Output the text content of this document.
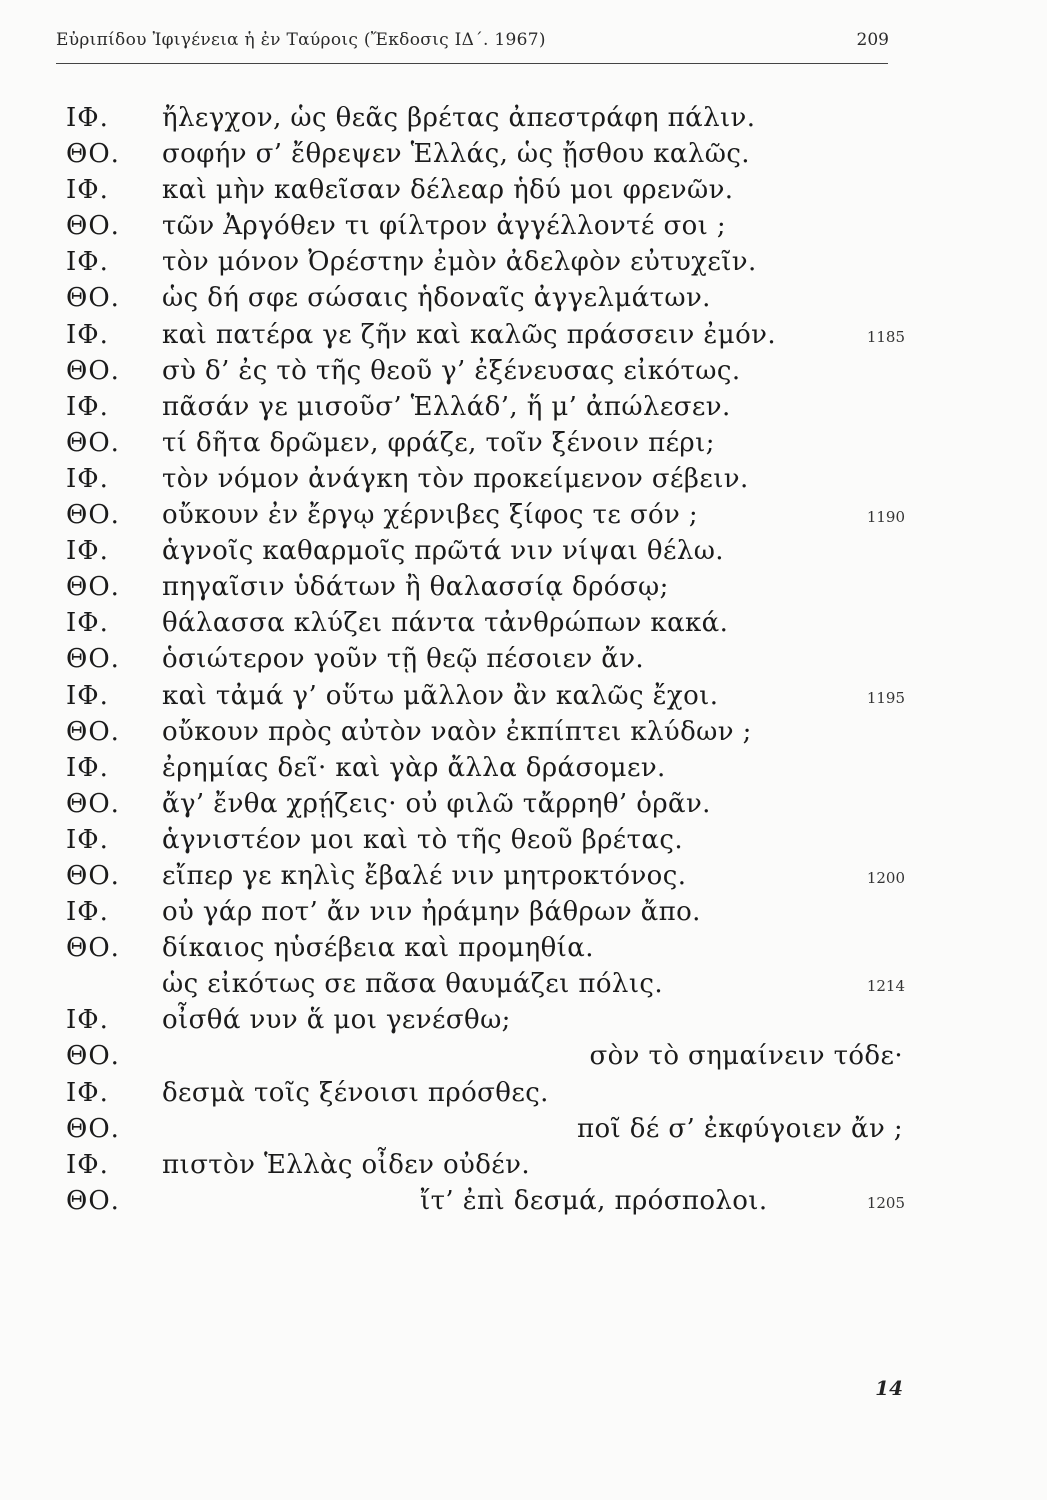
Εὐριπίδου Ἰφιγένεια ἡ ἐν Ταύροις (Ἔκδοσις ΙΔ΄. 1967)	209
ΙΦ. ἤλεγχον, ὡς θεᾶς βρέτας ἀπεστράφη πάλιν.
ΘΟ. σοφήν σ’ ἔθρεψεν Ἑλλάς, ὡς ᾔσθου καλῶς.
ΙΦ. καὶ μὴν καθεῖσαν δέλεαρ ἡδύ μοι φρενῶν.
ΘΟ. τῶν Ἀργόθεν τι φίλτρον ἀγγέλλοντέ σοι ;
ΙΦ. τὸν μόνον Ὀρέστην ἐμὸν ἀδελφὸν εὐτυχεῖν.
ΘΟ. ὡς δή σφε σώσαις ἡδοναῖς ἀγγελμάτων.
ΙΦ. καὶ πατέρα γε ζῆν καὶ καλῶς πράσσειν ἐμόν.	1185
ΘΟ. σὺ δ’ ἐς τὸ τῆς θεοῦ γ’ ἐξένευσας εἰκότως.
ΙΦ. πᾶσάν γε μισοῦσ’ Ἑλλάδ’, ἥ μ’ ἀπώλεσεν.
ΘΟ. τί δῆτα δρῶμεν, φράζε, τοῖν ξένοιν πέρι;
ΙΦ. τὸν νόμον ἀνάγκη τὸν προκείμενον σέβειν.
ΘΟ. οὔκουν ἐν ἔργῳ χέρνιβες ξίφος τε σόν ;	1190
ΙΦ. ἁγνοῖς καθαρμοῖς πρῶτά νιν νίψαι θέλω.
ΘΟ. πηγαῖσιν ὑδάτων ἢ θαλασσίᾳ δρόσῳ;
ΙΦ. θάλασσα κλύζει πάντα τἀνθρώπων κακά.
ΘΟ. ὁσιώτερον γοῦν τῇ θεῷ πέσοιεν ἄν.
ΙΦ. καὶ τἀμά γ’ οὕτω μᾶλλον ἂν καλῶς ἔχοι.	1195
ΘΟ. οὔκουν πρὸς αὐτὸν ναὸν ἐκπίπτει κλύδων ;
ΙΦ. ἐρημίας δεῖ· καὶ γὰρ ἄλλα δράσομεν.
ΘΟ. ἄγ’ ἔνθα χρῄζεις· οὐ φιλῶ τἄρρηθ’ ὁρᾶν.
ΙΦ. ἁγνιστέον μοι καὶ τὸ τῆς θεοῦ βρέτας.
ΘΟ. εἴπερ γε κηλὶς ἔβαλέ νιν μητροκτόνος.	1200
ΙΦ. οὐ γάρ ποτ’ ἄν νιν ἠράμην βάθρων ἄπο.
ΘΟ. δίκαιος ηὑσέβεια καὶ προμηθία.
ὡς εἰκότως σε πᾶσα θαυμάζει πόλις.	1214
ΙΦ. οἶσθά νυν ἅ μοι γενέσθω;
ΘΟ.	σὸν τὸ σημαίνειν τόδε·
ΙΦ. δεσμὰ τοῖς ξένοισι πρόσθες.
ΘΟ.	ποῖ δέ σ’ ἐκφύγοιεν ἄν ;
ΙΦ. πιστὸν Ἑλλὰς οἶδεν οὐδέν.
ΘΟ.	ἴτ’ ἐπὶ δεσμά, πρόσπολοι.	1205
14
